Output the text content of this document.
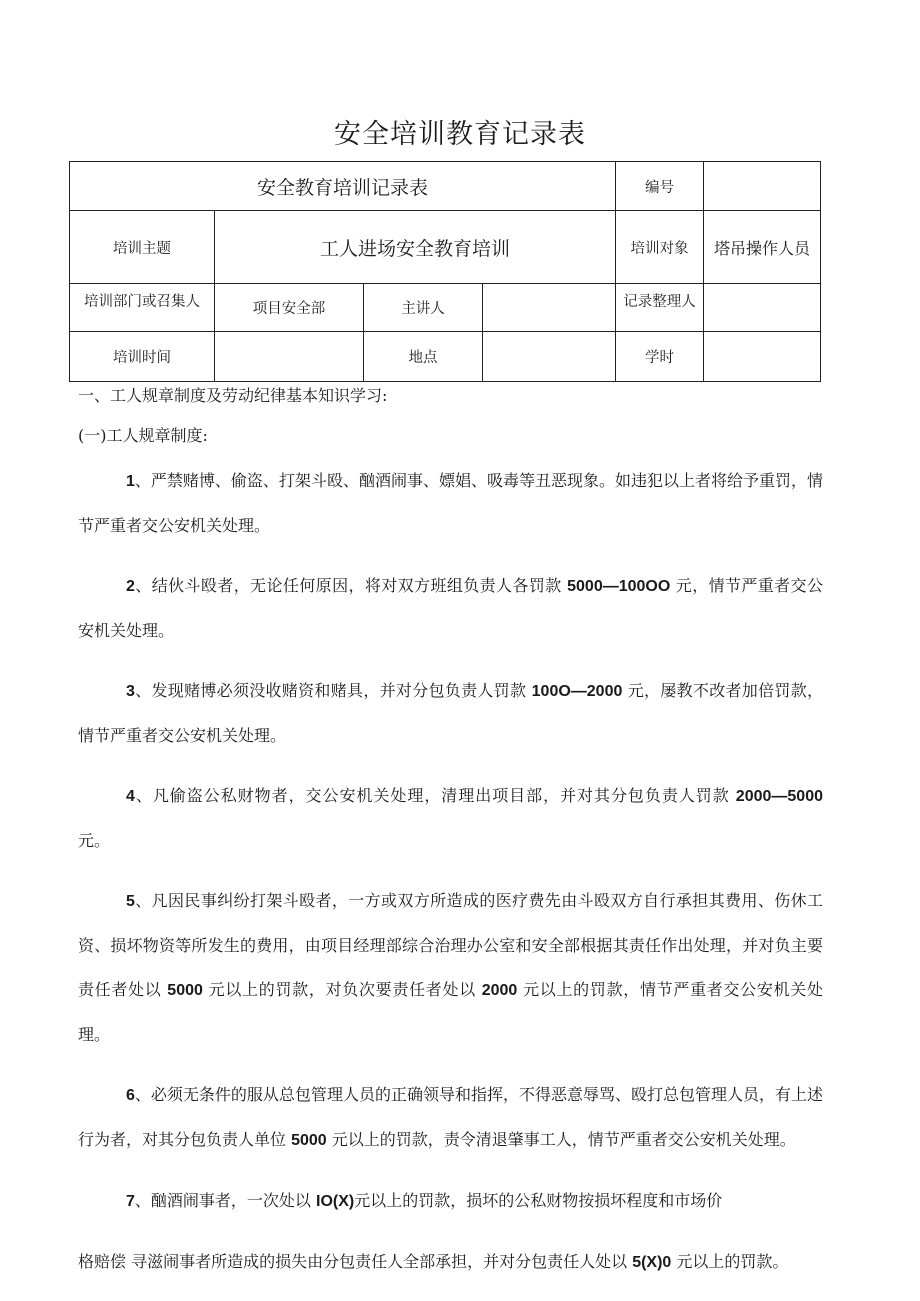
安全培训教育记录表
安全教育培训记录表				编号	
培训主题	工人进场安全教育培训			培训对象	塔吊操作人员
培训部门或召集人	项目安全部	主讲人		记录整理人	
培训时间		地点		学时	
一、工人规章制度及劳动纪律基本知识学习:
(一)工人规章制度:

1、严禁赌博、偷盗、打架斗殴、酗酒闹事、嫖娼、吸毒等丑恶现象。如违犯以上者将给予重罚，情节严重者交公安机关处理。

2、结伙斗殴者，无论任何原因，将对双方班组负责人各罚款 5000—100OO 元，情节严重者交公安机关处理。

3、发现赌博必须没收赌资和赌具，并对分包负责人罚款 100O—2000 元，屡教不改者加倍罚款，情节严重者交公安机关处理。

4、凡偷盗公私财物者，交公安机关处理，清理出项目部，并对其分包负责人罚款 2000—5000 元。

5、凡因民事纠纷打架斗殴者，一方或双方所造成的医疗费先由斗殴双方自行承担其费用、伤休工资、损坏物资等所发生的费用，由项目经理部综合治理办公室和安全部根据其责任作出处理，并对负主要责任者处以 5000 元以上的罚款，对负次要责任者处以 2000 元以上的罚款，情节严重者交公安机关处理。

6、必须无条件的服从总包管理人员的正确领导和指挥，不得恶意辱骂、殴打总包管理人员，有上述行为者，对其分包负责人单位 5000 元以上的罚款，责令清退肇事工人，情节严重者交公安机关处理。

7、酗酒闹事者，一次处以 IO(X)元以上的罚款，损坏的公私财物按损坏程度和市场价

格赔偿 寻滋闹事者所造成的损失由分包责任人全部承担，并对分包责任人处以 5(X)0 元以上的罚款。
